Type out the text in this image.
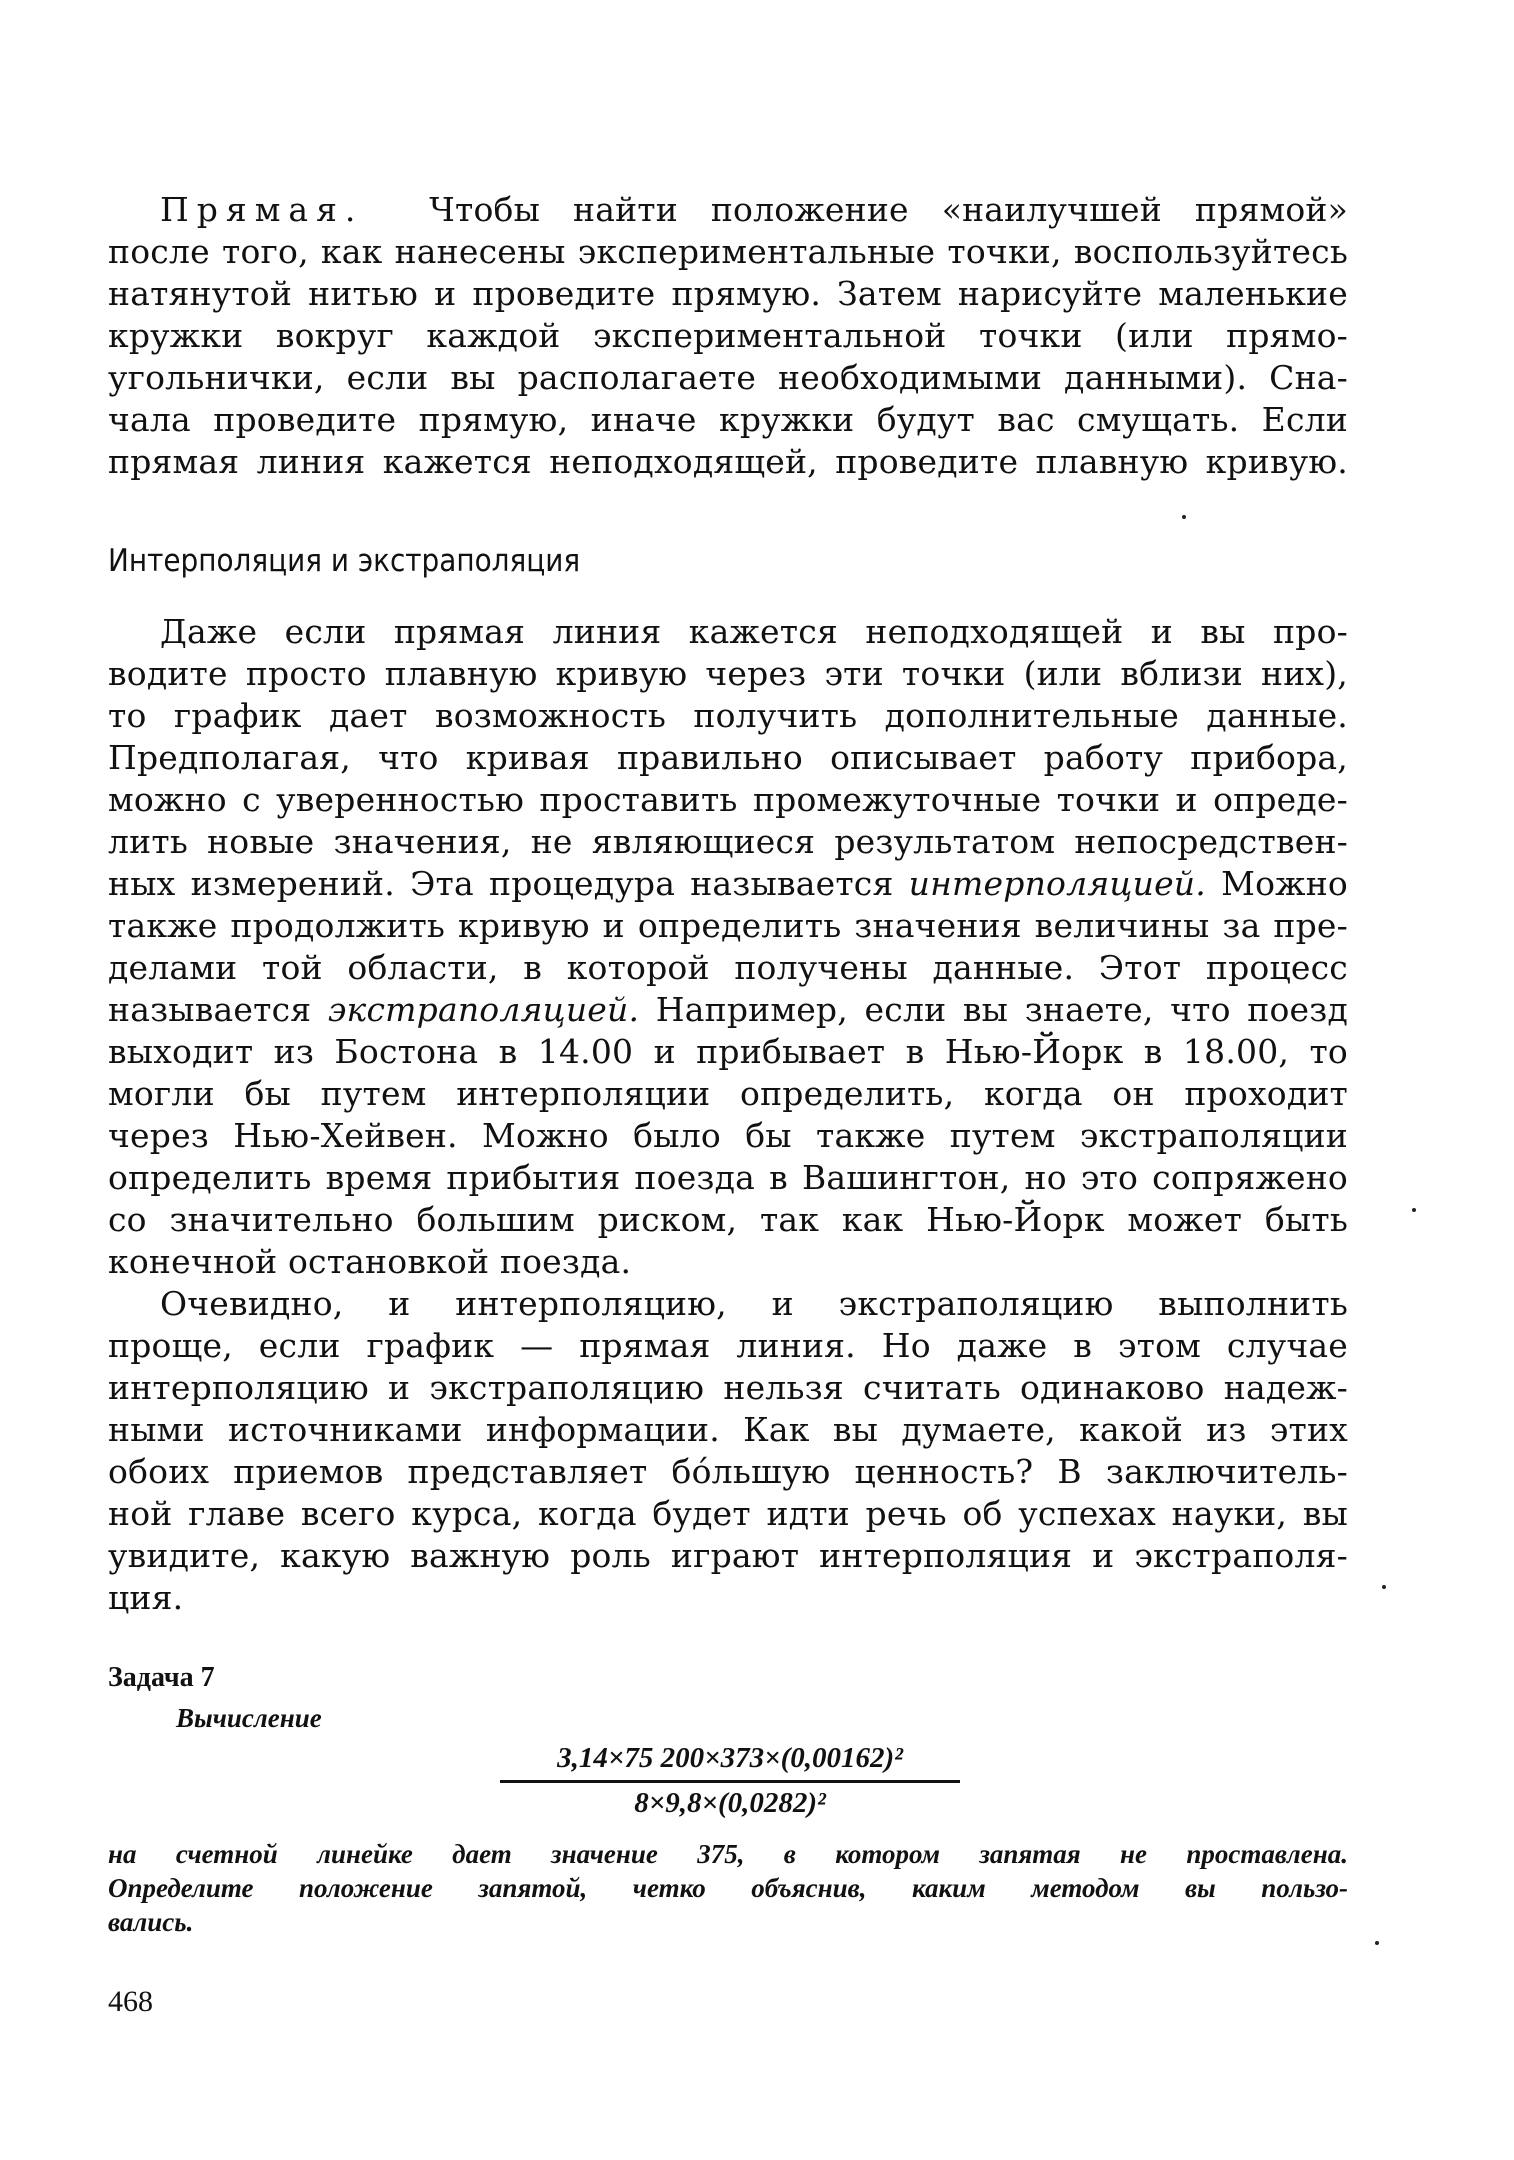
Прямая. Чтобы найти положение «наилучшей прямой»
после того, как нанесены экспериментальные точки, воспользуйтесь
натянутой нитью и проведите прямую. Затем нарисуйте маленькие
кружки вокруг каждой экспериментальной точки (или прямо-
угольнички, если вы располагаете необходимыми данными). Сна-
чала проведите прямую, иначе кружки будут вас смущать. Если
прямая линия кажется неподходящей, проведите плавную кривую.
Интерполяция и экстраполяция
Даже если прямая линия кажется неподходящей и вы про-
водите просто плавную кривую через эти точки (или вблизи них),
то график дает возможность получить дополнительные данные.
Предполагая, что кривая правильно описывает работу прибора,
можно с уверенностью проставить промежуточные точки и опреде-
лить новые значения, не являющиеся результатом непосредствен-
ных измерений. Эта процедура называется интерполяцией. Можно
также продолжить кривую и определить значения величины за пре-
делами той области, в которой получены данные. Этот процесс
называется экстраполяцией. Например, если вы знаете, что поезд
выходит из Бостона в 14.00 и прибывает в Нью-Йорк в 18.00, то
могли бы путем интерполяции определить, когда он проходит
через Нью-Хейвен. Можно было бы также путем экстраполяции
определить время прибытия поезда в Вашингтон, но это сопряжено
со значительно большим риском, так как Нью-Йорк может быть
конечной остановкой поезда.
Очевидно, и интерполяцию, и экстраполяцию выполнить
проще, если график — прямая линия. Но даже в этом случае
интерполяцию и экстраполяцию нельзя считать одинаково надеж-
ными источниками информации. Как вы думаете, какой из этих
обоих приемов представляет бóльшую ценность? В заключитель-
ной главе всего курса, когда будет идти речь об успехах науки, вы
увидите, какую важную роль играют интерполяция и экстраполя-
ция.
Задача 7
Вычисление
$\frac{\text{3,14×75 200×373×(0,00162)²}}{\text{8×9,8×(0,0282)²}}$
на счетной линейке дает значение 375, в котором запятая не проставлена.
Определите положение запятой, четко объяснив, каким методом вы пользо-
вались.
468
